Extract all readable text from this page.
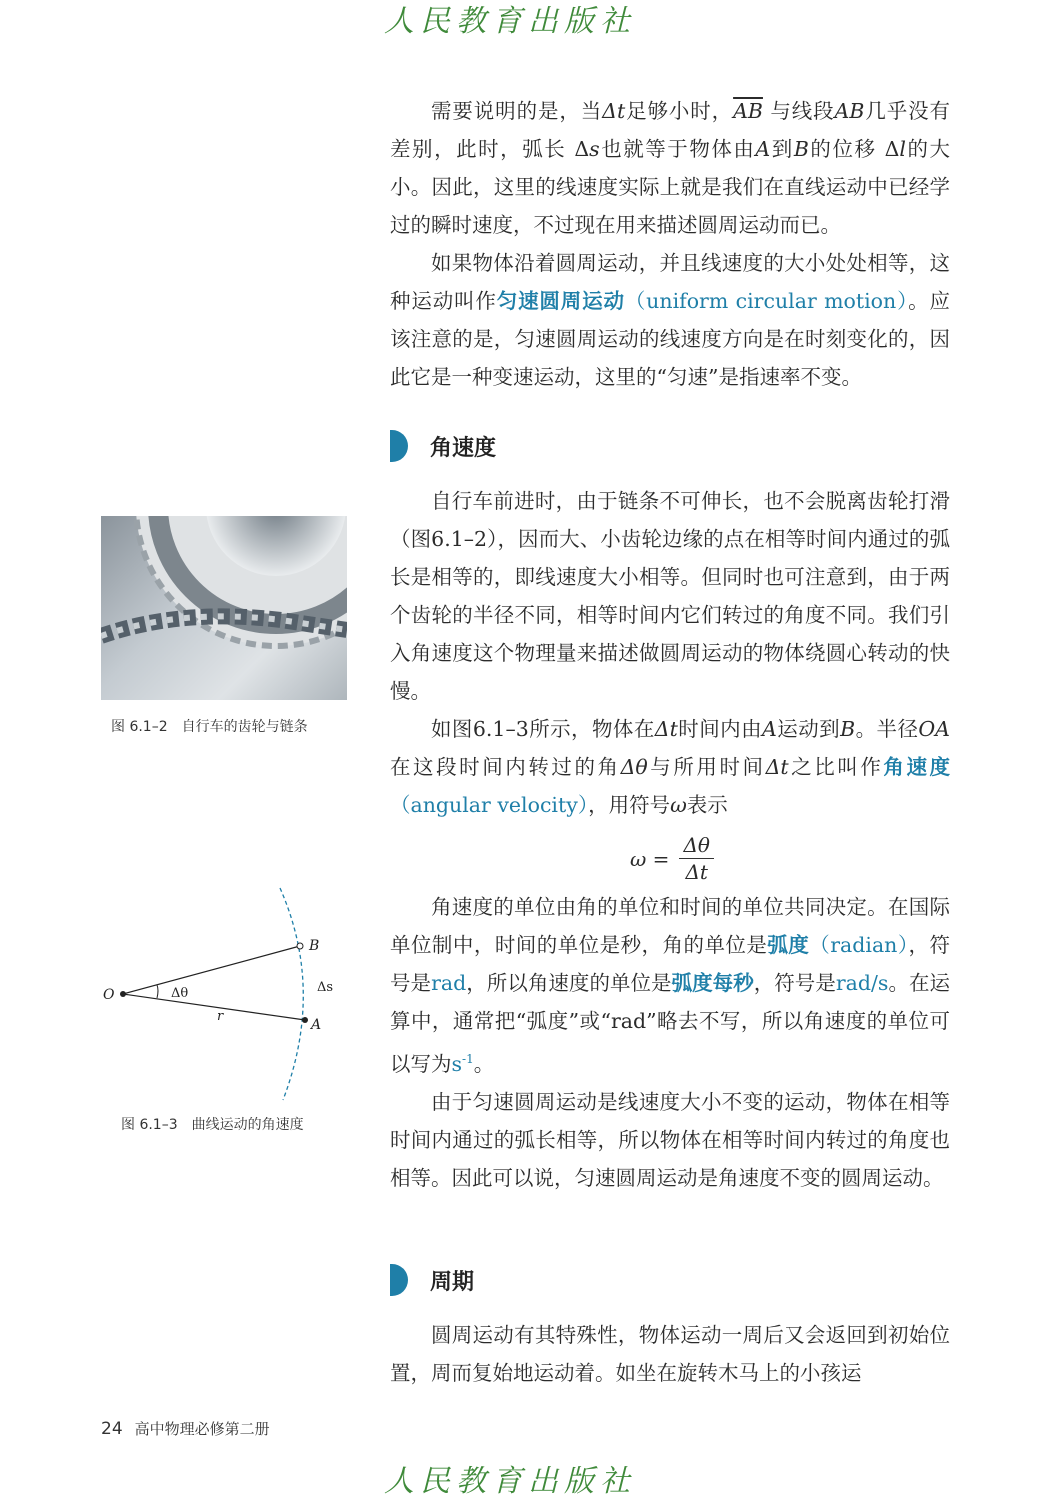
人民教育出版社

需要说明的是，当Δt足够小时，$\overline{AB}$ 与线段AB几乎没有差别，此时，弧长 Δs也就等于物体由A到B的位移 Δl的大小。因此，这里的线速度实际上就是我们在直线运动中已经学过的瞬时速度，不过现在用来描述圆周运动而已。

如果物体沿着圆周运动，并且线速度的大小处处相等，这种运动叫作匀速圆周运动（uniform circular motion）。应该注意的是，匀速圆周运动的线速度方向是在时刻变化的，因此它是一种变速运动，这里的“匀速”是指速率不变。

角速度

自行车前进时，由于链条不可伸长，也不会脱离齿轮打滑（图6.1–2），因而大、小齿轮边缘的点在相等时间内通过的弧长是相等的，即线速度大小相等。但同时也可注意到，由于两个齿轮的半径不同，相等时间内它们转过的角度不同。我们引入角速度这个物理量来描述做圆周运动的物体绕圆心转动的快慢。

如图6.1–3所示，物体在Δt时间内由A运动到B。半径OA在这段时间内转过的角Δθ与所用时间Δt之比叫作角速度（angular velocity），用符号ω表示

$\omega = \frac{\Delta\theta}{\Delta t}$

角速度的单位由角的单位和时间的单位共同决定。在国际单位制中，时间的单位是秒，角的单位是弧度（radian），符号是rad，所以角速度的单位是弧度每秒，符号是rad/s。在运算中，通常把“弧度”或“rad”略去不写，所以角速度的单位可以写为$s^{-1}$。

由于匀速圆周运动是线速度大小不变的运动，物体在相等时间内通过的弧长相等，所以物体在相等时间内转过的角度也相等。因此可以说，匀速圆周运动是角速度不变的圆周运动。

周期

圆周运动有其特殊性，物体运动一周后又会返回到初始位置，周而复始地运动着。如坐在旋转木马上的小孩运

图 6.1–2　自行车的齿轮与链条
O
B
A
Δs
Δθ
r
图 6.1–3　曲线运动的角速度
24 高中物理必修第二册
人民教育出版社
